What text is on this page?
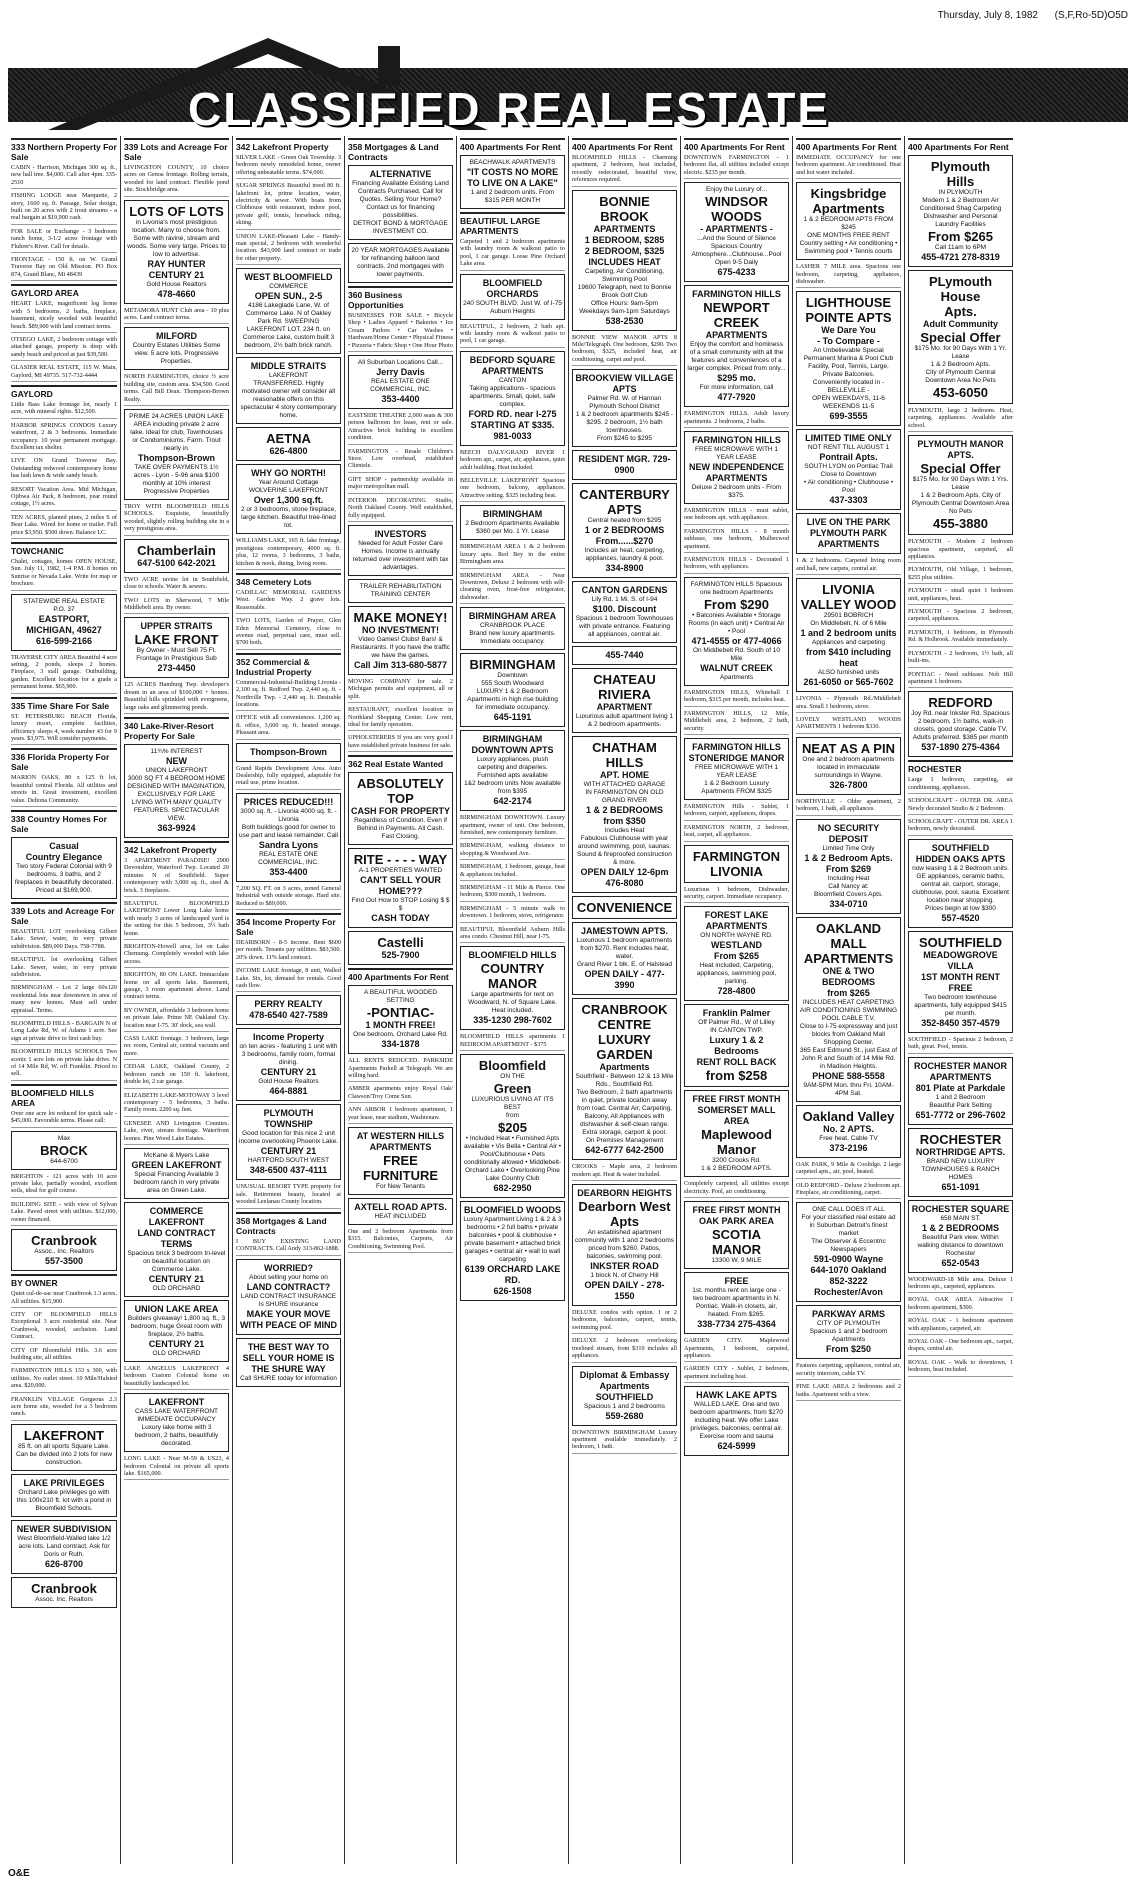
Thursday, July 8, 1982 (S,F,Ro-5D)O5D
CLASSIFIED REAL ESTATE
333 Northern Property For Sale
CABIN - Harrison, Michigan 300 sq. ft., new hall tree. $4,000. Call after 4pm. 335-2510
FISHING LODGE near Marquette, 2 story, 1600 sq. ft. Passage, Solar design, built on 20 acres with 2 trout streams - a real bargain at $19,900 cash.
FOR SALE or Exchange - 3 bedroom ranch home, 3-1/2 acres frontage with Fluhrer's River. Call for details.
FRONTAGE - 150 ft. on W. Grand Traverse Bay on Old Mission. PO Box 874, Grand Blanc, Mi 48439
GAYLORD AREA
HEART LAKE, magnificent log home with 5 bedrooms, 2 baths, fireplace, basement, nicely wooded with beautiful beach. $89,900 with land contract terms.
OTSEGO LAKE, 2 bedroom cottage with attached garage, property is deep with sandy beach and priced at just $39,500.
GLASIER REAL ESTATE, 115 W. Main, Gaylord, MI 49735. 517-732-4444
GAYLORD
Little Bass Lake frontage lot, nearly 1 acre, with mineral rights. $12,500.
HARBOR SPRINGS CONDOS Luxury waterfront, 2 & 3 bedrooms. Immediate occupancy. 10 year permanent mortgage. Excellent tax shelter.
LIVE ON Grand Traverse Bay. Outstanding redwood contemporary home has lush lawn & wide sandy beach.
RESORT Vacation Area. Mid Michigan, Ojibwa Air Park, 8 bedroom, year round cottage, 1½ acres.
TEN ACRES, planted pines, 2 miles S of Bear Lake. Wired for home or trailer. Full price $3,950. $500 down. Balance LC.
TOWCHANIC
Chalet, cottages, homes OPEN HOUSE, Sun. July 11, 1982, 1-4 P.M. 8 homes on Sunrise or Nevada Lake. Write for map or brochure.
STATEWIDE REAL ESTATE
P.O. 37
EASTPORT, MICHIGAN, 49627
616-599-2166
TRAVERSE CITY AREA Beautiful 4 acre setting, 2 ponds, sleeps 2 homes. Fireplace, 3 stall garage. Outbuilding, garden. Excellent location for a grade a permanent home. $65,900.
335 Time Share For Sale
ST. PETERSBURG BEACH Florida, luxury resort, complete facilities, efficiency sleeps 4, week number 43 for 9 years. $3,975. Will consider payments.
336 Florida Property For Sale
MARION OAKS, 80 x 125 ft lot, beautiful central Florida. All utilities and streets in. Great investment, excellent value. Deltona Community.
338 Country Homes For Sale
Casual
Country Elegance
Two story Federal Colonial with 9 bedrooms, 3 baths, and 2 fireplaces in beautifully decorated. Priced at $169,900.
339 Lots and Acreage For Sale
BEAUTIFUL LOT overlooking Gilbert Lake. Sewer, water, in very private subdivision. $89,000 Days. 758-7788.
BEAUTIFUL lot overlooking Gilbert Lake. Sewer, water, in very private subdivision.
BIRMINGHAM - Lot 2 large 60x120 residential lots near downtown in area of many new homes. Must sell under appraisal. Terms.
BLOOMFIELD HILLS - BARGAIN N of Long Lake Rd, W. of Adams 1 acre. See sign at private drive to first cash buy.
BLOOMFIELD HILLS SCHOOLS Two scenic 1 acre lots on private lake drive. N of 14 Mile Rd, W. off Franklin. Priced to sell.
BLOOMFIELD HILLS AREA
Over one acre lot reduced for quick sale - $45,000. Favorable terms. Please call:
Max
BROCK
644-6700
BRIGHTON - 121 acres with 10 acre private lake, partially wooded, excellent soils, ideal for golf course.
BUILDING SITE - with view of Sylvan Lake. Paved street with utilities. $12,000, owner financed.
Cranbrook
Assoc., Inc. Realtors
557-3500
BY OWNER
Quiet cul-de-sac near Cranbrook 1.3 acres. All utilities. $15,900.
CITY OF BLOOMFIELD HILLS Exceptional 3 acre residential site. Near Cranbrook, wooded, seclusion. Land Contract.
CITY OF Bloomfield Hills. 3.6 acre building site, all utilities.
FARMINGTON HILLS 133 x 300, with utilities. No outlet street. 10 Mile/Halsted area. $20,000.
FRANKLIN VILLAGE Gorgeous 2.3 acre home site, wooded for a 3 bedroom ranch.
LAKEFRONT
85 ft. on all sports Square Lake. Can be divided into 2 lots for new construction.
LAKE PRIVILEGES
Orchard Lake privileges go with this 100x210 ft. lot with a pond in Bloomfield Schools.
NEWER SUBDIVISION
West Bloomfield-Walled lake 1/2 acre lots. Land contract. Ask for Doris or Ruth.
626-8700
Cranbrook
Assoc. Inc. Realtors
339 Lots and Acreage For Sale
LIVINGSTON COUNTY, 10 choice acres on Genoa frontage. Rolling terrain, wooded for land contract. Flexible pond site. Stockbridge area.
LOTS OF LOTS
in Livonia's most prestigious location. Many to choose from. Some with ravine, stream and woods. Some very large. Prices to low to advertise.
RAY HUNTER
CENTURY 21
Gold House Realtors
478-4660
METAMORA HUNT Club area - 10 plus acres. Land contract terms.
MILFORD
Country Estates Utilities Some view. 5 acre lots. Progressive Properties.
NORTH FARMINGTON, choice ½ acre building site, custom area. $34,500. Good terms. Call Bill Dean. Thompson-Brown Realty.
PRIME 24 ACRES UNION LAKE AREA including private 2 acre lake. Ideal for club, Townhouses or Condominiums. Farm. Trout nearly in.
Thompson-Brown
TAKE OVER PAYMENTS 1½ acres - Lyon - 5-96 area $100 monthly at 10% interest Progressive Properties
TROY WITH BLOOMFIELD HILLS SCHOOLS. Exquisite, beautifully wooded, slightly rolling building site in a very prestigious area.
Chamberlain
647-5100 642-2021
TWO ACRE ravine lot in Southfield, close to schools. Water & sewers.
TWO LOTS in Sherwood, 7 Mile Middlebelt area. By owner.
UPPER STRAITS
LAKE FRONT
By Owner - Must Sell 75 Ft. Frontage In Prestigious Sub
273-4450
125 ACRES Hamburg Twp. developer's dream in an area of $100,000 + homes. Beautiful hills sprinkled with evergreens, large oaks and glimmering ponds.
340 Lake-River-Resort Property For Sale
11¾% INTEREST
NEW
UNION LAKEFRONT
3000 SQ FT 4 BEDROOM HOME DESIGNED WITH IMAGINATION, EXCLUSIVELY FOR LAKE LIVING WITH MANY QUALITY FEATURES. SPECTACULAR VIEW.
363-9924
342 Lakefront Property
3 APARTMENT PARADISE! 2900 Devonshire, Waterford Twp. Located 20 minutes N of Southfield. Super contemporary with 3,000 sq. ft., steel & brick. 3 fireplaces.
BEAUTIFUL BLOOMFIELD LAKEFRONT Lower Long Lake home with nearly 3 acres of landscaped yard is the setting for this 5 bedroom, 3½ bath home.
BRIGHTON-Howell area, lot on Lake Chemung. Completely wooded with lake access.
BRIGHTON, 80 ON LAKE. Immaculate home on all sports lake. Basement, garage, 3 room apartment above. Land contract terms.
BY OWNER, affordable 3 bedroom home on private lake. Prime NE Oakland Cty. location near I-75. 30' dock, sea wall.
CASS LAKE frontage. 3 bedroom, large rec room, Central air, central vacuum and more.
CEDAR LAKE, Oakland County, 2 bedroom ranch on 150 ft. lakefront, double lot, 2 car garage.
ELIZABETH LAKE-MOTOWAY 3 level contemporary - 5 bedrooms, 3 baths. Family room. 2200 sq. feet.
GENESEE AND Livingston Counties. Lake, river, stream frontage. Waterfront homes. Pine Wood Lake Estates.
McKane & Myers Lake
GREEN LAKEFRONT
Special Financing Available 3 bedroom ranch in very private area on Green Lake.
COMMERCE LAKEFRONT
LAND CONTRACT TERMS
Spacious brick 3 bedroom tri-level on beautiful location on Commerce Lake.
CENTURY 21
OLD ORCHARD
UNION LAKE AREA
Builders giveaway! 1,800 sq. ft., 3 bedroom, huge Great room with fireplace, 2½ baths.
CENTURY 21
OLD ORCHARD
LAKE ANGELUS LAKEFRONT 4 bedroom Custom Colonial home on beautifully landscaped lot.
LAKEFRONT
CASS LAKE WATERFRONT IMMEDIATE OCCUPANCY
Luxury lake home with 3 bedroom, 2 baths, beautifully decorated.
LONG LAKE - Near M-59 & US23, 4 bedroom Colonial on private all sports lake. $165,000.
342 Lakefront Property
SILVER LAKE - Green Oak Township. 3 bedroom newly remodeled home, owner offering unbeatable terms. $74,000.
SUGAR SPRINGS Beautiful treed 80 ft. lakefront lot, prime location, water, electricity & sewer. With boats from Clubhouse with restaurant, indoor pool, private golf, tennis, horseback riding, skiing.
UNION LAKE-Pleasant Lake - Handy-man special, 2 bedroom with wonderful location. $43,000 land contract or trade for other property.
WEST BLOOMFIELD
COMMERCE
OPEN SUN., 2-5
4186 Lakeglade Lane, W. of Commerce Lake. N of Oakley Park Rd. SWEEPING LAKEFRONT LOT. 234 ft. on Commerce Lake, custom built 3 bedroom, 2½ bath brick ranch.
MIDDLE STRAITS
LAKEFRONT
TRANSFERRED. Highly motivated owner will consider all reasonable offers on this spectacular 4 story contemporary home.
AETNA
626-4800
WHY GO NORTH!
Year Around Cottage WOLVERINE LAKEFRONT
Over 1,300 sq.ft.
2 or 3 bedrooms, stone fireplace, large kitchen. Beautiful tree-lined lot.
WILLIAMS LAKE, 165 ft. lake frontage, prestigious contemporary, 4000 sq. ft. plus, 12 rooms, 3 bedrooms, 3 baths, kitchen & nook, dining, living room.
348 Cemetery Lots
CADILLAC MEMORIAL GARDENS West. Garden Way. 2 grave lots. Reasonable.
TWO LOTS, Garden of Prayer, Glen Eden Memorial Cemetery, close to avenue road, perpetual care, must sell. $700 both.
352 Commercial & Industrial Property
Commercial-Industrial-Building Livonia - 2,100 sq. ft. Redford Twp. 2,440 sq. ft. - Northville Twp. - 2,440 sq. ft. Desirable locations.
OFFICE with all conveniences. 1,200 sq. ft. office, 3,600 sq. ft. heated storage. Pleasant area.
Thompson-Brown
Grand Rapids Development Area. Auto Dealership, fully equipped, adaptable for retail use, prime location.
PRICES REDUCED!!!
3000 sq. ft. - Livonia 4000 sq. ft. - Livonia
Both buildings good for owner to use part and lease remainder. Call
Sandra Lyons
REAL ESTATE ONE COMMERCIAL, INC.
353-4400
7,200 SQ. FT. on 3 acres, zoned General Industrial with outside storage. Hard site. Reduced to $89,000.
354 Income Property For Sale
DEARBORN - 8-5 income. Rent $600 per month. Tenants pay utilities. $83,500. 20% down. 11% land contract.
INCOME LAKE frontage, 8 unit, Walled Lake. Six, lot, demand for rentals. Good cash flow.
PERRY REALTY
478-6540 427-7589
Income Property
on ten acres - featuring 1 unit with 3 bedrooms, family room, formal dining.
CENTURY 21
Gold House Realtors
464-8881
PLYMOUTH TOWNSHIP
Good location for this nice 2 unit income overlooking Phoenix Lake.
CENTURY 21
HARTFORD SOUTH WEST
348-6500 437-4111
UNUSUAL RESORT TYPE property for sale. Retirement beauty, located at wooded Leelanau County location.
358 Mortgages & Land Contracts
I BUY EXISTING LAND CONTRACTS. Call Andy 313-862-1888.
WORRIED?
About selling your home on
LAND CONTRACT?
LAND CONTRACT INSURANCE Is SHURE insurance
MAKE YOUR MOVE WITH PEACE OF MIND
THE BEST WAY TO SELL YOUR HOME IS THE SHURE WAY
Call SHURE today for information
358 Mortgages & Land Contracts
ALTERNATIVE
Financing Available Existing Land Contracts Purchased. Call for Quotes. Selling Your Home? Contact us for financing possibilities.
DETROIT BOND & MORTGAGE INVESTMENT CO.
20 YEAR MORTGAGES Available for refinancing balloon land contracts. 2nd mortgages with lower payments.
360 Business Opportunities
BUSINESSES FOR SALE • Bicycle Shop • Ladies Apparel • Bakeries • Ice Cream Parlors • Car Washes • Hardware/Home Center • Physical Fitness • Pizzeria • Fabric Shop • One Hour Photo
All Suburban Locations Call...
Jerry Davis
REAL ESTATE ONE COMMERCIAL, INC.
353-4400
EASTSIDE THEATRE 2,000 seats & 300 person ballroom for lease, rent or sale. Attractive brick building in excellent condition.
FARMINGTON - Resale Children's Store. Low overhead, established Clientele.
GIFT SHOP - partnership available in major metropolitan mall.
INTERIOR DECORATING Studio, North Oakland County. Well established, fully equipped.
INVESTORS
Needed for Adult Foster Care Homes. Income is annually returned over investment with tax advantages.
TRAILER REHABILITATION TRAINING CENTER
MAKE MONEY!
NO INVESTMENT!
Video Games! Clubs! Bars! & Restaurants. If you have the traffic we have the games.
Call Jim 313-680-5877
MOVING COMPANY for sale. 2 Michigan permits and equipment, all or split.
RESTAURANT, excellent location in Northland Shopping Center. Low rent, ideal for family operation.
UPHOLSTERERS If you are very good I have established private business for sale.
362 Real Estate Wanted
ABSOLUTELY TOP
CASH FOR PROPERTY
Regardless of Condition. Even if Behind in Payments. All Cash. Fast Closing.
RITE - - - - WAY
A-1 PROPERTIES WANTED
CAN'T SELL YOUR HOME???
Find Out How to STOP Losing $ $ $
CASH TODAY
Castelli
525-7900
400 Apartments For Rent
A BEAUTIFUL WOODED SETTING
-PONTIAC-
1 MONTH FREE!
One bedroom, Orchard Lake Rd.
334-1878
ALL RENTS REDUCED. PARKSIDE Apartments Parkell at Telegraph. We are willing hard.
AMBER apartments enjoy Royal Oak/ Clawson/Troy Come Sun.
ANN ARBOR 1 bedroom apartment, 1 year lease, near stadium, Washtenaw.
AT WESTERN HILLS APARTMENTS
FREE
FURNITURE
For New Tenants
AXTELL ROAD APTS.
HEAT INCLUDED
One and 2 bedroom Apartments from $315. Balconies, Carports, Air Conditioning, Swimming Pool.
400 Apartments For Rent
BEACHWALK APARTMENTS
"IT COSTS NO MORE TO LIVE ON A LAKE"
1 and 2 bedroom units. From $315 PER MONTH
BEAUTIFUL LARGE APARTMENTS
Carpeted 1 and 2 bedroom apartments with laundry room & walkout patio to pool, 1 car garage. Loose Pine Orchard Lake area.
BLOOMFIELD ORCHARDS
240 SOUTH BLVD. Just W. of I-75 Auburn Heights
BEAUTIFUL, 2 bedroom, 2 bath apt. with laundry room & walkout patio to pool, 1 car garage.
BEDFORD SQUARE APARTMENTS
CANTON
Taking applications - spacious apartments. Small, quiet, safe complex.
FORD RD. near I-275
STARTING AT $335.
981-0033
BEECH DALY/GRAND RIVER 1 bedroom apt., carpet, air, appliances, quiet adult building. Heat included.
BELLEVILLE LAKEFRONT Spacious one bedroom, balcony, appliances. Attractive setting. $325 including heat.
BIRMINGHAM
2 Bedroom Apartments Available $360 per Mo. 1 Yr. Lease
BIRMINGHAM AREA 1 & 2 bedroom luxury apts. Red Bey in the entire Birmingham area.
BIRMINGHAM AREA - Near Downtown, Deluxe 2 bedroom with self-cleaning oven, frost-free refrigerator, dishwasher.
BIRMINGHAM AREA
CRANBROOK PLACE
Brand new luxury apartments. Immediate occupancy.
BIRMINGHAM
Downtown
555 South Woodward
LUXURY 1 & 2 Bedroom Apartments in high rise building for immediate occupancy.
645-1191
BIRMINGHAM DOWNTOWN APTS
Luxury appliances, plush carpeting and draperies. Furnished apts available
1&2 bedroom units Now available from $395
642-2174
BIRMINGHAM DOWNTOWN. Luxury apartment, owner of unit. One bedroom, furnished, new contemporary furniture.
BIRMINGHAM, walking distance to shopping & Woodward Ave.
BIRMINGHAM, 1 bedroom, garage, heat & appliances included.
BIRMINGHAM - 11 Mile & Pierce. One bedroom, $300 month, 1 bedroom.
BIRMINGHAM - 5 minute walk to downtown. 1 bedroom, stove, refrigerator.
BEAUTIFUL Bloomfield Auburn Hills area condo. Chestnut Hill, near I-75.
BLOOMFIELD HILLS
COUNTRY MANOR
Large apartments for rent on Woodward, N. of Square Lake. Heat included.
335-1230 298-7602
BLOOMFIELD HILLS apartments 1 BEDROOM APARTMENT - $375
Bloomfield
ON THE
Green
LUXURIOUS LIVING AT ITS BEST
from
$205
• Included Heat • Furnished Apts available • Vis Bella • Central Air • Pool/Clubhouse • Pets conditionally allowed • Middlebelt-Orchard Lake • Overlooking Pine Lake Country Club
682-2950
BLOOMFIELD WOODS
Luxury Apartment Living 1 & 2 & 3 bedrooms • 2 full baths • private balconies • pool & clubhouse • private basement • attached brick garages • central air • wall to wall carpeting
6139 ORCHARD LAKE RD.
626-1508
400 Apartments For Rent
BLOOMFIELD HILLS - Charming apartment, 2 bedroom, heat included, recently redecorated, beautiful view, references required.
BONNIE BROOK
APARTMENTS
1 BEDROOM, $285
2 BEDROOM, $325
INCLUDES HEAT
Carpeting, Air Conditioning, Swimming Pool
19600 Telegraph, next to Bonnie Brook Golf Club
Office Hours: 9am-5pm Weekdays 9am-1pm Saturdays
538-2530
BONNIE VIEW MANOR APTS 8 Mile/Telegraph. One bedroom, $290. Two bedroom, $325, included heat, air conditioning, carpet and pool.
BROOKVIEW VILLAGE APTS
Palmer Rd. W. of Hannan Plymouth School District
1 & 2 bedroom apartments $245 - $295. 2 bedroom, 1½ bath townhouses.
From $245 to $295
RESIDENT MGR. 729-0900
CANTERBURY APTS
Central heated from $295
1 or 2 BEDROOMS
From......$270
Includes air heat, carpeting, appliances, laundry & pool.
334-8900
CANTON GARDENS
Lily Rd. 1 Mi. S. of I-94
$100. Discount
Spacious 1 bedroom Townhouses with private entrance. Featuring all appliances, central air.
455-7440
CHATEAU RIVIERA
APARTMENT
Luxurious adult apartment living 1 & 2 bedroom apartments.
CHATHAM HILLS
APT. HOME
WITH ATTACHED GARAGE
IN FARMINGTON ON OLD GRAND RIVER
1 & 2 BEDROOMS
from $350
Includes Heat
Fabulous Clubhouse with year around swimming, pool, saunas. Sound & fireproofed construction & more.
OPEN DAILY 12-6pm
476-8080
CONVENIENCE
JAMESTOWN APTS.
Luxurious 1 bedroom apartments from $270. Rent includes heat, water.
Grand River 1 blk. E. of Halstead
OPEN DAILY - 477-3990
CRANBROOK CENTRE LUXURY GARDEN
Apartments
Southfield - Between 12 & 13 Mile Rds., Southfield Rd.
Two Bedroom, 2 bath apartments in quiet, private location away from road. Central Air, Carpeting, Balcony, All Appliances with dishwasher & self-clean range. Extra storage, carport & pool.
On Premises Management
642-6777 642-2500
CROOKS - Maple area, 2 bedroom modern apt. Heat & water included.
DEARBORN HEIGHTS
Dearborn West Apts
An established apartment community with 1 and 2 bedrooms priced from $260. Patios, balconies, swimming pool.
INKSTER ROAD
1 block N. of Cherry Hill
OPEN DAILY - 278-1550
DELUXE condos with option. 1 or 2 bedrooms, balconies, carport, tennis, swimming pool.
DELUXE 2 bedroom overlooking treelined stream, from $310 includes all appliances.
Diplomat & Embassy Apartments
SOUTHFIELD
Spacious 1 and 2 bedrooms
559-2680
DOWNTOWN BIRMINGHAM Luxury apartment available immediately. 2 bedroom, 1 bath.
400 Apartments For Rent
DOWNTOWN FARMINGTON - 1 bedroom flat, all utilities included except electric. $235 per month.
Enjoy the Luxury of...
WINDSOR WOODS
- APARTMENTS -
...And the Sound of Silence
Spacious Country Atmosphere...Clubhouse...Pool
Open 9-5 Daily
675-4233
FARMINGTON HILLS
NEWPORT CREEK
APARTMENTS
Enjoy the comfort and hominess of a small community with all the features and conveniences of a larger complex. Priced from only...
$295 mo.
For more information, call
477-7920
FARMINGTON HILLS. Adult luxury apartments. 2 bedrooms, 2 baths.
FARMINGTON HILLS
FREE MICROWAVE WITH 1 YEAR LEASE
NEW INDEPENDENCE APARTMENTS
Deluxe 2 bedroom units - From $375.
FARMINGTON HILLS - must sublet, one bedroom apt. with appliances.
FARMINGTON HILLS - 8 month sublease, one bedroom, Mulbecwod apartment.
FARMINGTON HILLS - Decorated 1 bedroom, with appliances.
FARMINGTON HILLS Spacious one bedroom Apartments
From $290
• Balconies Available • Storage Rooms (in each unit) • Central Air • Pool
471-4555 or 477-4066
On Middlebelt Rd. South of 10 Mile
WALNUT CREEK
Apartments
FARMINGTON HILLS, Whitehall 1 bedroom, $315 per month, includes heat.
FARMINGTON HILLS, 12 Mile, Middlebelt area, 2 bedroom, 2 bath, security.
FARMINGTON HILLS STONERIDGE MANOR
FREE MICROWAVE WITH 1 YEAR LEASE
1 & 2 Bedroom Luxury Apartments FROM $325
FARMINGTON Hills - Sublet, 1 bedroom, carport, appliances, drapes.
FARMINGTON NORTH, 2 bedroom, heat, carpet, all appliances.
FARMINGTON
LIVONIA
Luxurious 1 bedroom, Dishwasher, security, carport. Immediate occupancy.
FOREST LAKE
APARTMENTS
ON NORTH WAYNE RD.
WESTLAND
From $265
Heat included. Carpeting, appliances, swimming pool, parking.
728-4800
Franklin Palmer
Off Palmer Rd., W of Lilley
IN CANTON TWP.
Luxury 1 & 2 Bedrooms
RENT ROLL BACK
from $258
FREE FIRST MONTH
SOMERSET MALL AREA
Maplewood Manor
3200 Crooks Rd.
1 & 2 BEDROOM APTS.
Completely carpeted, all utilities except electricity. Pool, air conditioning.
FREE FIRST MONTH
OAK PARK AREA
SCOTIA MANOR
13300 W. 9 MILE
FREE
1st. months rent on large one - two bedroom apartments in N. Pontiac. Walk-in closets, air, heated. From $265.
338-7734 275-4364
GARDEN CITY. Maplewood Apartments, 1 bedroom, carpeted, appliances.
GARDEN CITY - Sublet, 2 bedroom, apartment including heat.
HAWK LAKE APTS
WALLED LAKE. One and two bedroom apartments, from $270 including heat. We offer Lake privileges, balconies, central air. Exercise room and sauna
624-5999
400 Apartments For Rent
IMMEDIATE OCCUPANCY for one bedroom apartment. Air conditioned. Heat and hot water included.
Kingsbridge Apartments
1 & 2 BEDROOM APTS FROM $245
ONE MONTHS FREE RENT
Country setting • Air conditioning • Swimming pool • Tennis courts
LASHER 7 MILE area. Spacious one bedroom, carpeting, appliances, dishwasher.
LIGHTHOUSE POINTE APTS
We Dare You
- To Compare -
An Unbelievable Special Permanent Marina & Pool Club Facility, Pool, Tennis, Large, Private Balconies.
Conveniently located in - BELLEVILLE -
OPEN WEEKDAYS, 11-6 WEEKENDS 11-5
699-3555
LIMITED TIME ONLY
NOT RENT TILL AUGUST 1
Pontrail Apts.
SOUTH LYON on Pontiac Trail Close to Downtown
• Air conditioning • Clubhouse • Pool
437-3303
LIVE ON THE PARK
PLYMOUTH PARK
APARTMENTS
1 & 2 bedrooms. Carpeted living room and hall, new carpets, central air.
LIVONIA
VALLEY WOOD
29501 BOBRICH
On Middlebelt, N. of 6 Mile
1 and 2 bedroom units
Appliances and carpeting
from $410 including heat
ALSO furnished units
261-6050 or 565-7602
LIVONIA - Plymouth Rd./Middlebelt area. Small 1 bedroom, stove.
LOVELY WESTLAND WOODS APARTMENTS 1 bedroom $330.
NEAT AS A PIN
One and 2 bedroom apartments located in immaculate surroundings in Wayne.
326-7800
NORTHVILLE - Older apartment, 2 bedroom, 1 bath, all appliances.
NO SECURITY DEPOSIT
Limited Time Only
1 & 2 Bedroom Apts.
From $269
Including Heat
Call Nancy at:
Bloomfield Covers Apts.
334-0710
OAKLAND MALL APARTMENTS
ONE & TWO BEDROOMS
from $265
INCLUDES HEAT CARPETING AIR CONDITIONING SWIMMING POOL CABLE T.V.
Close to I-75 expressway and just blocks from Oakland Mall Shopping Center.
365 East Edmund St., just East of John R and South of 14 Mile Rd. in Madison Heights.
PHONE 588-5558
9AM-5PM Mon. thru Fri. 10AM-4PM Sat.
Oakland Valley
No. 2 APTS.
Free heat, Cable TV
373-2196
OAK PARK, 9 Mile & Coolidge. 2 large carpeted apts., air, pool, heated.
OLD REDFORD - Deluxe 2 bedroom apt. Fireplace, air conditioning, carpet.
ONE CALL DOES IT ALL
For your classified real estate ad in Suburban Detroit's finest market
The Observer & Eccentric Newspapers
591-0900 Wayne
644-1070 Oakland
852-3222 Rochester/Avon
PARKWAY ARMS
CITY OF PLYMOUTH
Spacious 1 and 2 bedroom Apartments
From $250
Features carpeting, appliances, central air, security intercom, cable TV.
PINE LAKE AREA 2 bedrooms and 2 baths. Apartment with a view.
400 Apartments For Rent
Plymouth
Hills
IN PLYMOUTH
Modern 1 & 2 Bedroom Air Conditioned Shag Carpeting Dishwasher and Personal Laundry Facilities
From $265
Call 11am to 6PM
455-4721 278-8319
PLymouth
House
Apts.
Adult Community
Special Offer
$175 Mo. for 90 Days With 1 Yr. Lease
1 & 2 Bedroom Apts.
City of Plymouth Central Downtown Area No Pets
453-6050
PLYMOUTH, large 2 bedroom. Heat, carpeting, appliances. Available after school.
PLYMOUTH MANOR APTS.
Special Offer
$175 Mo. for 90 Days With 1 Yrs. Lease
1 & 2 Bedroom Apts. City of Plymouth Central Downtown Area No Pets
455-3880
PLYMOUTH - Modern 2 bedroom spacious apartment, carpeted, all appliances.
PLYMOUTH, Old Village, 1 bedroom, $255 plus utilities.
PLYMOUTH - small quiet 1 bedroom unit, appliances, heat.
PLYMOUTH - Spacious 2 bedroom, carpeted, appliances.
PLYMOUTH, 1 bedroom, in Plymouth Rd. & Holbrook. Available immediately.
PLYMOUTH - 2 bedroom, 1½ bath, all built-ins.
PONTIAC - Need sublease. Nob Hill apartment 1 bedroom.
REDFORD
Joy Rd. near Inkster Rd. Spacious 2 bedroom, 1½ baths, walk-in closets, good storage. Cable TV. Adults preferred. $385 per month
537-1890 275-4364
ROCHESTER
Large 1 bedroom, carpeting, air conditioning, appliances.
SCHOOLCRAFT - OUTER DR. AREA Newly decorated Studio & 2 Bedroom.
SCHOOLCRAFT - OUTER DR. AREA 1 bedroom, newly decorated.
SOUTHFIELD
HIDDEN OAKS APTS
now leasing 1 & 2 Bedroom units. GE appliances, ceramic baths, central air, carport, storage, clubhouse, pool, sauna. Excellent location near shopping.
Prices begin at low $300
557-4520
SOUTHFIELD
MEADOWGROVE VILLA
1ST MONTH RENT FREE
Two bedroom townhouse apartments, fully equipped $415 per month.
352-8450 357-4579
SOUTHFIELD - Spacious 2 bedroom, 2 bath, great. Pool, tennis.
ROCHESTER MANOR APARTMENTS
801 Plate at Parkdale
1 and 2 Bedroom
Beautiful Park Setting
651-7772 or 296-7602
ROCHESTER
NORTHRIDGE APTS.
BRAND NEW LUXURY TOWNHOUSES & RANCH HOMES
651-1091
ROCHESTER SQUARE
658 MAIN ST.
1 & 2 BEDROOMS
Beautiful Park view. Within walking distance to downtown Rochester
652-0543
WOODWARD-18 Mile area. Deluxe 1 bedroom apt., carpeted, appliances.
ROYAL OAK AREA Attractive 1 bedroom apartment, $300.
ROYAL OAK - 1 bedroom apartment with appliances, carpeted, air.
ROYAL OAK - One bedroom apt., carpet, drapes, central air.
ROYAL OAK - Walk to downtown, 1 bedroom, heat included.
O&E
